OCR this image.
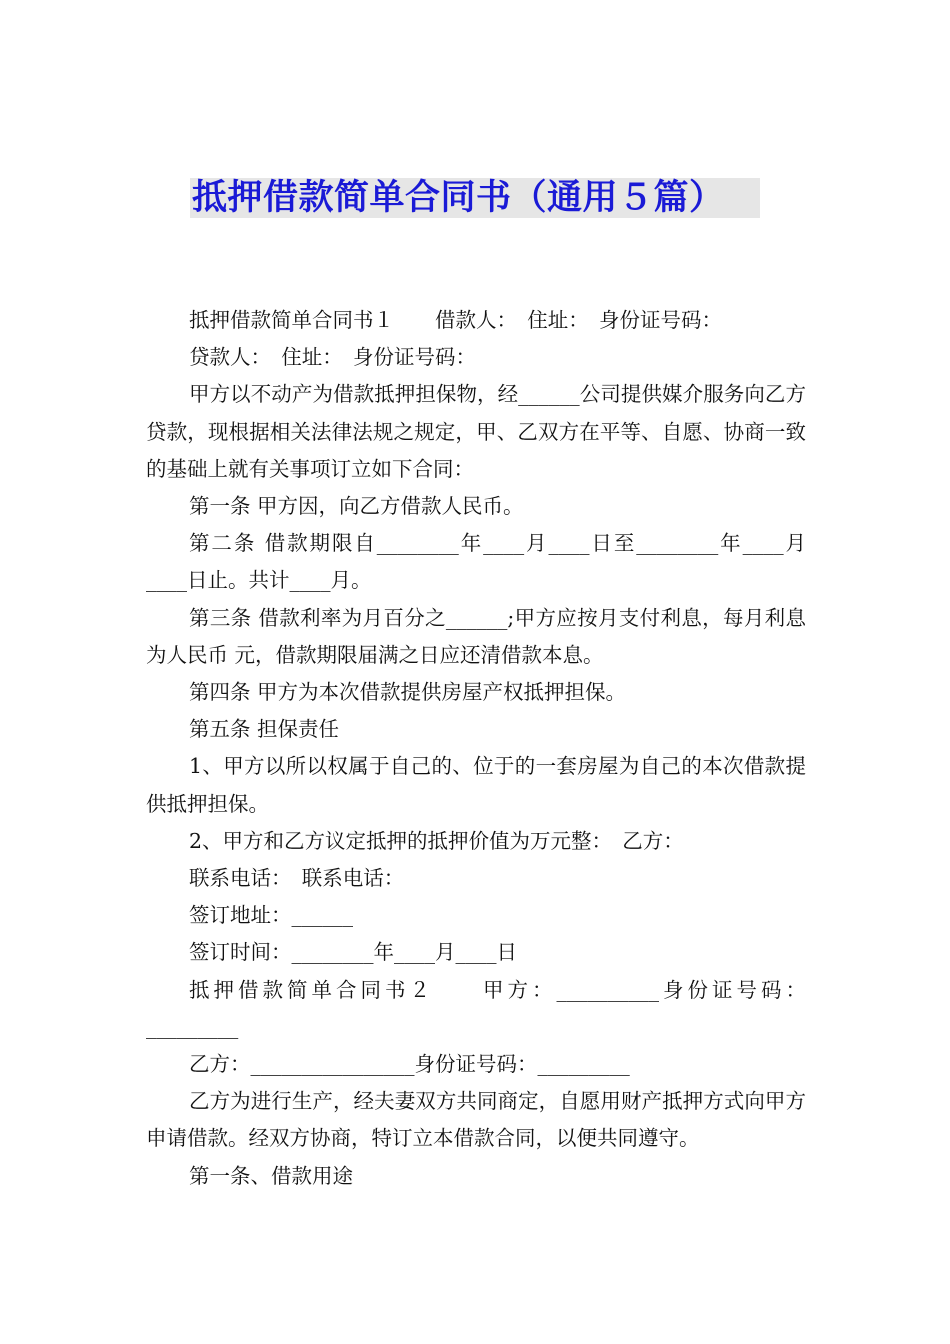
抵押借款简单合同书（通用５篇）

抵押借款简单合同书１　　借款人：　住址：　身份证号码：

贷款人：　住址：　身份证号码：

甲方以不动产为借款抵押担保物，经______公司提供媒介服务向乙方贷款，现根据相关法律法规之规定，甲、乙双方在平等、自愿、协商一致的基础上就有关事项订立如下合同：

第一条 甲方因，向乙方借款人民币。

第二条 借款期限自________年____月____日至________年____月____日止。共计____月。

第三条 借款利率为月百分之______;甲方应按月支付利息，每月利息为人民币 元，借款期限届满之日应还清借款本息。

第四条 甲方为本次借款提供房屋产权抵押担保。

第五条 担保责任

1、甲方以所以权属于自己的、位于的一套房屋为自己的本次借款提供抵押担保。

2、甲方和乙方议定抵押的抵押价值为万元整：　乙方：

联系电话：　联系电话：

签订地址：______

签订时间：________年____月____日

抵押借款简单合同书２　　甲方：__________身份证号码：_________

乙方：________________身份证号码：_________

乙方为进行生产，经夫妻双方共同商定，自愿用财产抵押方式向甲方申请借款。经双方协商，特订立本借款合同，以便共同遵守。

第一条、借款用途
